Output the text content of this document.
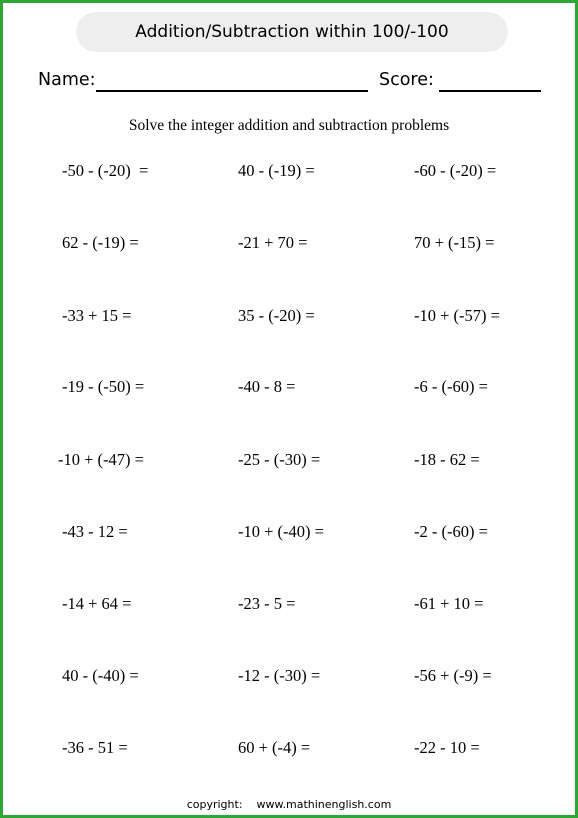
Addition/Subtraction within 100/-100
Name:	Score:
Solve the integer addition and subtraction problems
-50 - (-20)  =	40 - (-19) =	-60 - (-20) =
62 - (-19) =	-21 + 70 =	70 + (-15) =
-33 + 15 =	35 - (-20) =	-10 + (-57) =
-19 - (-50) =	-40 - 8 =	-6 - (-60) =
-10 + (-47) =	-25 - (-30) =	-18 - 62 =
-43 - 12 =	-10 + (-40) =	-2 - (-60) =
-14 + 64 =	-23 - 5 =	-61 + 10 =
40 - (-40) =	-12 - (-30) =	-56 + (-9) =
-36 - 51 =	60 + (-4) =	-22 - 10 =
copyright:    www.mathinenglish.com
